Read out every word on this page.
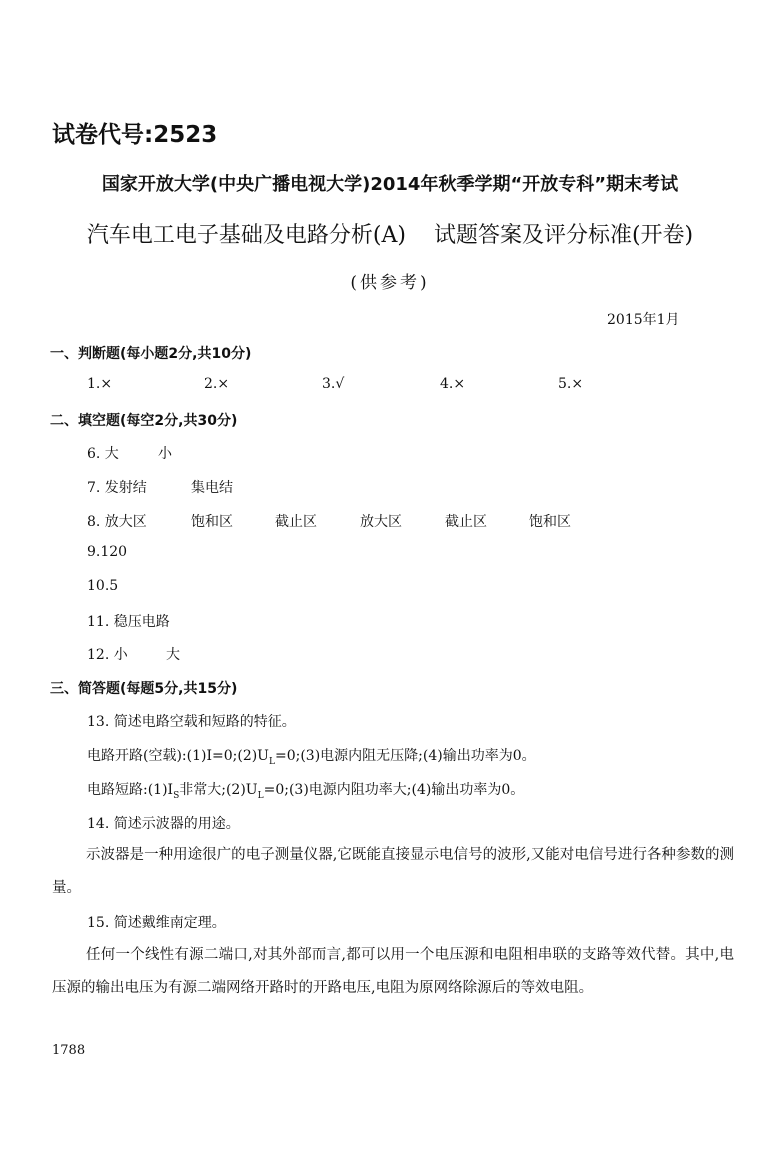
试卷代号:2523
国家开放大学(中央广播电视大学)2014年秋季学期“开放专科”期末考试
汽车电工电子基础及电路分析(A) 试题答案及评分标准(开卷)
(供参考)
2015年1月
一、判断题(每小题2分,共10分)
1.×	2.×	3.√	4.×	5.×
二、填空题(每空2分,共30分)
6. 大	小
7. 发射结	集电结
8. 放大区	饱和区	截止区	放大区	截止区	饱和区
9.120
10.5
11. 稳压电路
12. 小	大
三、简答题(每题5分,共15分)
13. 简述电路空载和短路的特征。
电路开路(空载)$:(1)I=0;(2)U_L=0;(3)$电源内阻无压降;(4)输出功率为0。
电路短路$:(1)I_S$非常大$;(2)U_L=0;(3)$电源内阻功率大;(4)输出功率为0。
14. 简述示波器的用途。
示波器是一种用途很广的电子测量仪器,它既能直接显示电信号的波形,又能对电信号进行各种参数的测量。
15. 简述戴维南定理。
任何一个线性有源二端口,对其外部而言,都可以用一个电压源和电阻相串联的支路等效代替。其中,电压源的输出电压为有源二端网络开路时的开路电压,电阻为原网络除源后的等效电阻。
1788
